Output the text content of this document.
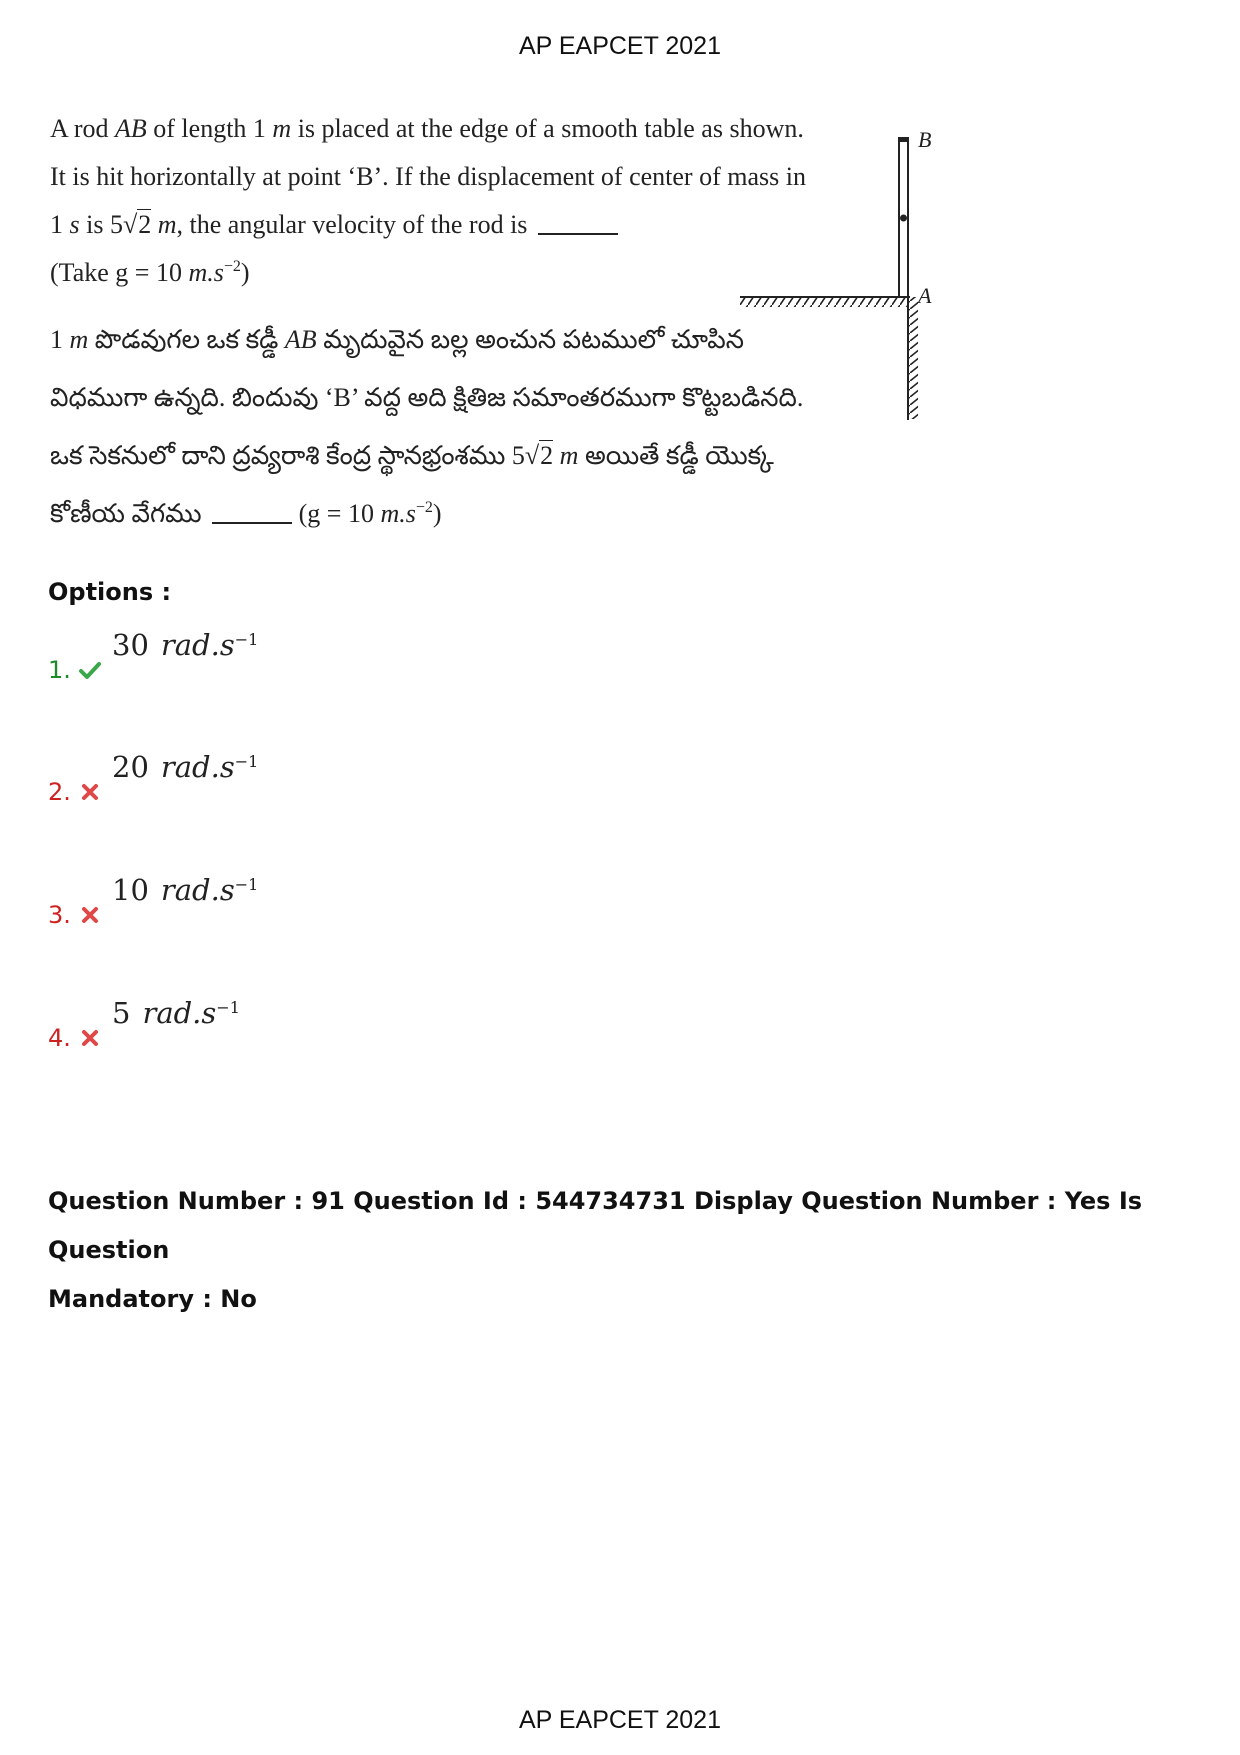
AP EAPCET 2021
A rod AB of length 1 m is placed at the edge of a smooth table as shown.
It is hit horizontally at point ‘B’. If the displacement of center of mass in
1 s is 5√2 m, the angular velocity of the rod is
(Take g = 10 $m.s^{-2}$)
1 m పొడవుగల ఒక కడ్డీ AB మృదువైన బల్ల అంచున పటములో చూపిన
విధముగా ఉన్నది. బిందువు ‘B’ వద్ద అది క్షితిజ సమాంతరముగా కొట్టబడినది.
ఒక సెకనులో దాని ద్రవ్యరాశి కేంద్ర స్థానభ్రంశము 5√2 m అయితే కడ్డీ యొక్క
కోణీయ వేగము	(g = 10 $m.s^{-2}$)
B
A
Options :
1.
30 $rad.s^{-1}$
2.
20 $rad.s^{-1}$
3.
10 $rad.s^{-1}$
4.
5 $rad.s^{-1}$
Question Number : 91 Question Id : 544734731 Display Question Number : Yes Is Question
Mandatory : No
AP EAPCET 2021
